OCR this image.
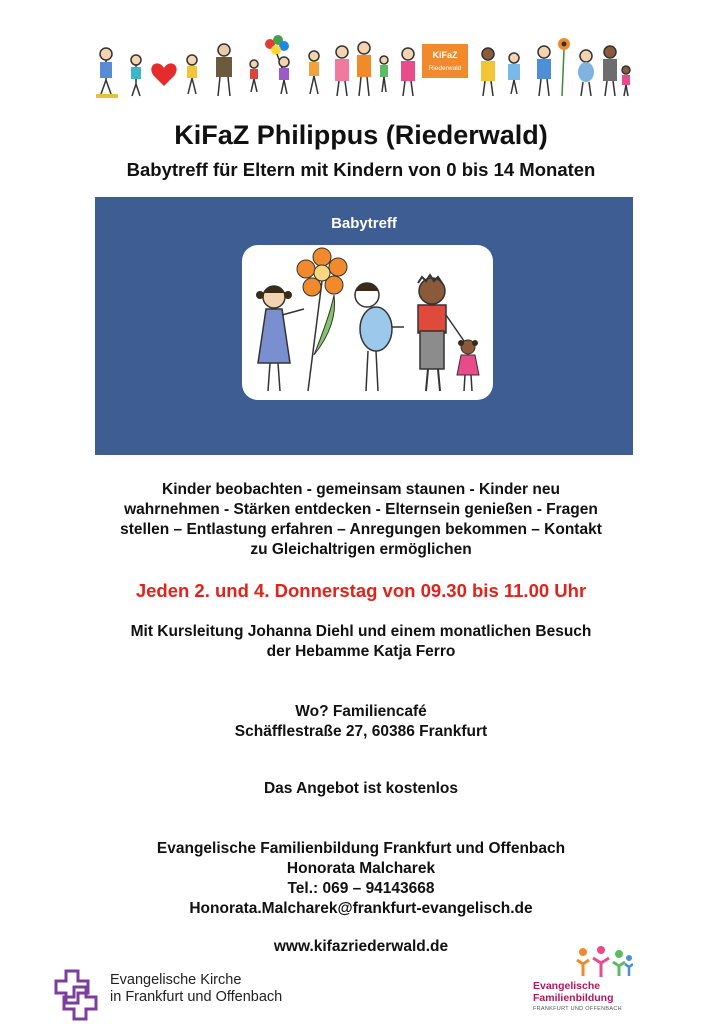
KiFaZ
Riederwald
KiFaZ Philippus (Riederwald)
Babytreff für Eltern mit Kindern von 0 bis 14 Monaten
Babytreff
Kinder beobachten - gemeinsam staunen - Kinder neu
wahrnehmen - Stärken entdecken - Elternsein genießen - Fragen
stellen – Entlastung erfahren – Anregungen bekommen – Kontakt
zu Gleichaltrigen ermöglichen
Jeden 2. und 4. Donnerstag von 09.30 bis 11.00 Uhr
Mit Kursleitung Johanna Diehl und einem monatlichen Besuch
der Hebamme Katja Ferro
Wo? Familiencafé
Schäfflestraße 27, 60386 Frankfurt
Das Angebot ist kostenlos
Evangelische Familienbildung Frankfurt und Offenbach
Honorata Malcharek
Tel.: 069 – 94143668
Honorata.Malcharek@frankfurt-evangelisch.de
www.kifazriederwald.de
Evangelische Kirche
in Frankfurt und Offenbach
Evangelische
Familienbildung
FRANKFURT UND OFFENBACH
